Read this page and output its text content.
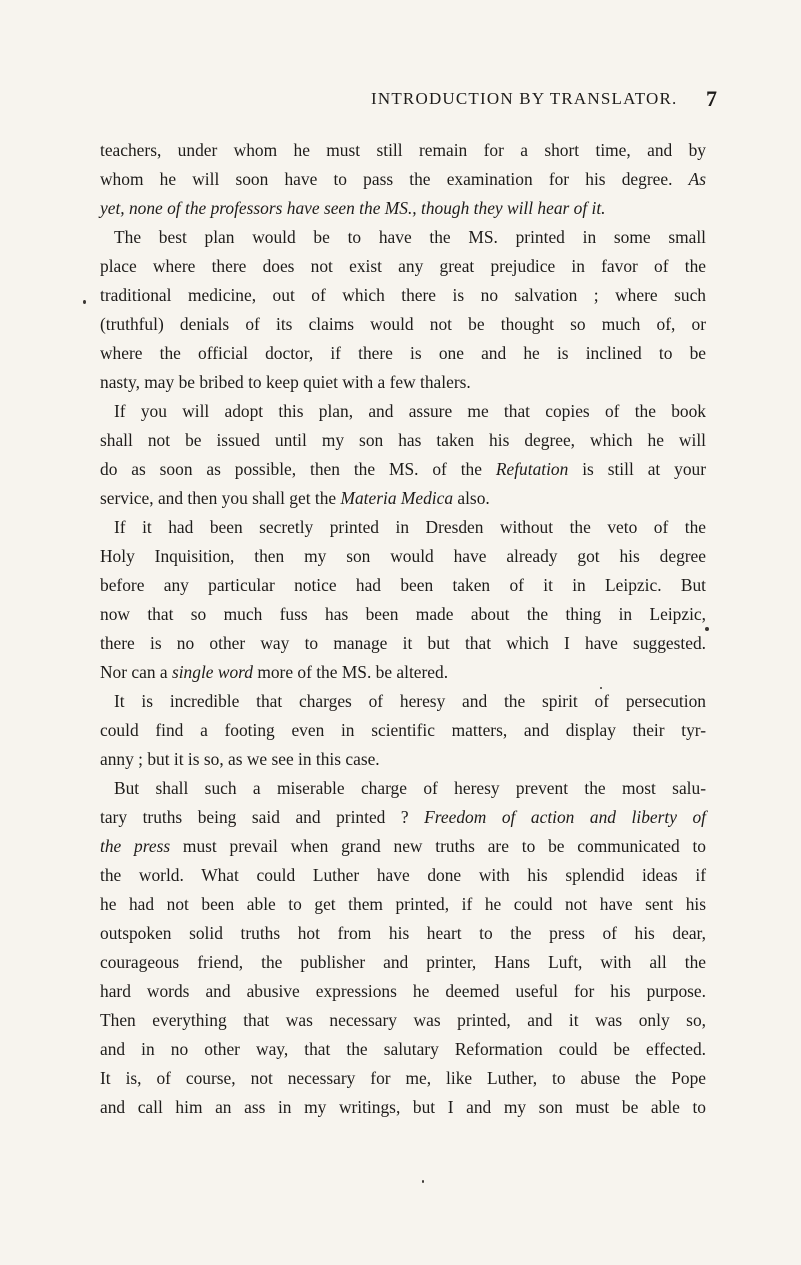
INTRODUCTION BY TRANSLATOR. 7
teachers, under whom he must still remain for a short time, and by
whom he will soon have to pass the examination for his degree. As
yet, none of the professors have seen the MS., though they will hear of it.
The best plan would be to have the MS. printed in some small
place where there does not exist any great prejudice in favor of the
traditional medicine, out of which there is no salvation ; where such
(truthful) denials of its claims would not be thought so much of, or
where the official doctor, if there is one and he is inclined to be
nasty, may be bribed to keep quiet with a few thalers.
If you will adopt this plan, and assure me that copies of the book
shall not be issued until my son has taken his degree, which he will
do as soon as possible, then the MS. of the Refutation is still at your
service, and then you shall get the Materia Medica also.
If it had been secretly printed in Dresden without the veto of the
Holy Inquisition, then my son would have already got his degree
before any particular notice had been taken of it in Leipzic. But
now that so much fuss has been made about the thing in Leipzic,
there is no other way to manage it but that which I have suggested.
Nor can a single word more of the MS. be altered.
It is incredible that charges of heresy and the spirit of persecution
could find a footing even in scientific matters, and display their tyr-
anny ; but it is so, as we see in this case.
But shall such a miserable charge of heresy prevent the most salu-
tary truths being said and printed ? Freedom of action and liberty of
the press must prevail when grand new truths are to be communicated to
the world. What could Luther have done with his splendid ideas if
he had not been able to get them printed, if he could not have sent his
outspoken solid truths hot from his heart to the press of his dear,
courageous friend, the publisher and printer, Hans Luft, with all the
hard words and abusive expressions he deemed useful for his purpose.
Then everything that was necessary was printed, and it was only so,
and in no other way, that the salutary Reformation could be effected.
It is, of course, not necessary for me, like Luther, to abuse the Pope
and call him an ass in my writings, but I and my son must be able to
